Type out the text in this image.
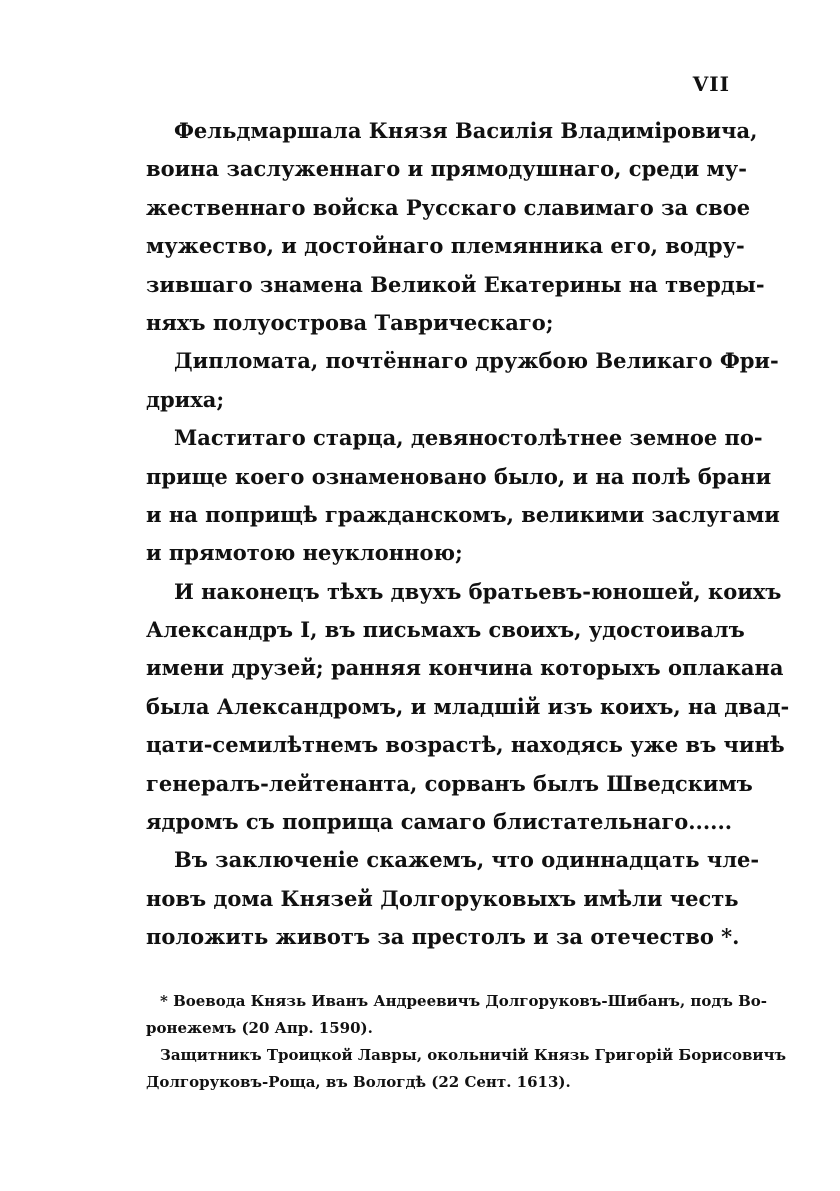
VII
Фельдмаршала Князя Василія Владиміровича,
воина заслуженнаго и прямодушнаго, среди му-
жественнаго войска Русскаго славимаго за свое
мужество, и достойнаго племянника его, водру-
зившаго знамена Великой Екатерины на тверды-
няхъ полуострова Таврическаго;
Дипломата, почтённаго дружбою Великаго Фри-
дриха;
Маститаго старца, девяностолѣтнее земное по-
прище коего ознаменовано было, и на полѣ брани
и на поприщѣ гражданскомъ, великими заслугами
и прямотою неуклонною;
И наконецъ тѣхъ двухъ братьевъ-юношей, коихъ
Александръ I, въ письмахъ своихъ, удостоивалъ
имени друзей; ранняя кончина которыхъ оплакана
была Александромъ, и младшій изъ коихъ, на двад-
цати-семилѣтнемъ возрастѣ, находясь уже въ чинѣ
генералъ-лейтенанта, сорванъ былъ Шведскимъ
ядромъ съ поприща самаго блистательнаго......
Въ заключеніе скажемъ, что одиннадцать чле-
новъ дома Князей Долгоруковыхъ имѣли честь
положить животъ за престолъ и за отечество *.
* Воевода Князь Иванъ Андреевичъ Долгоруковъ-Шибанъ, подъ Во-
ронежемъ (20 Апр. 1590).
Защитникъ Троицкой Лавры, окольничій Князь Григорій Борисовичъ
Долгоруковъ-Роща, въ Вологдѣ (22 Сент. 1613).
